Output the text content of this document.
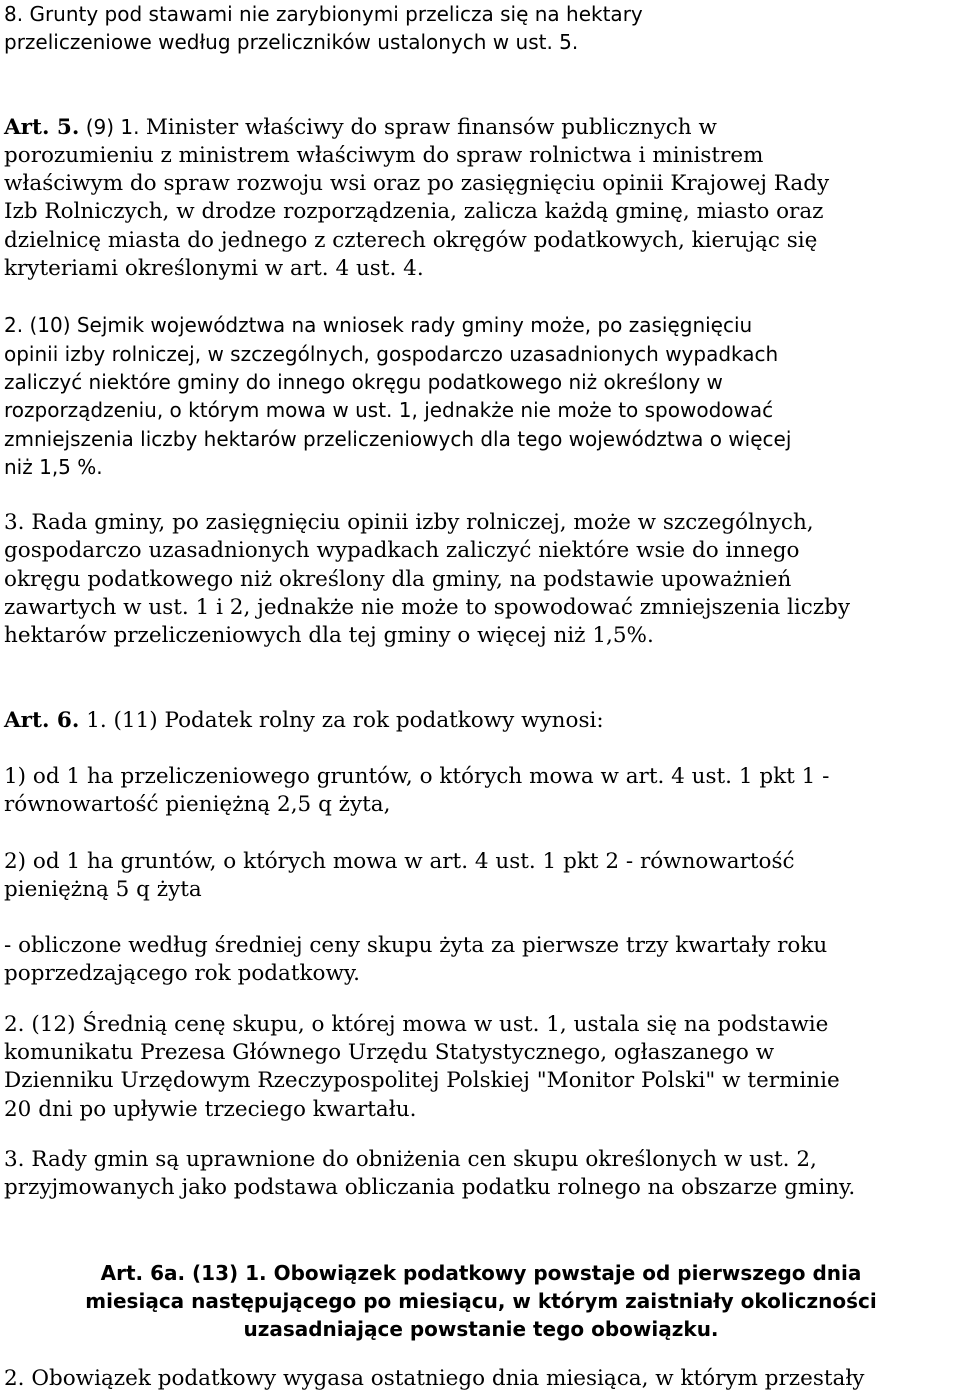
8. Grunty pod stawami nie zarybionymi przelicza się na hektary
przeliczeniowe według przeliczników ustalonych w ust. 5.

Art. 5. (9) 1. Minister właściwy do spraw finansów publicznych w
porozumieniu z ministrem właściwym do spraw rolnictwa i ministrem
właściwym do spraw rozwoju wsi oraz po zasięgnięciu opinii Krajowej Rady
Izb Rolniczych, w drodze rozporządzenia, zalicza każdą gminę, miasto oraz
dzielnicę miasta do jednego z czterech okręgów podatkowych, kierując się
kryteriami określonymi w art. 4 ust. 4.

2. (10) Sejmik województwa na wniosek rady gminy może, po zasięgnięciu
opinii izby rolniczej, w szczególnych, gospodarczo uzasadnionych wypadkach
zaliczyć niektóre gminy do innego okręgu podatkowego niż określony w
rozporządzeniu, o którym mowa w ust. 1, jednakże nie może to spowodować
zmniejszenia liczby hektarów przeliczeniowych dla tego województwa o więcej
niż 1,5 %.

3. Rada gminy, po zasięgnięciu opinii izby rolniczej, może w szczególnych,
gospodarczo uzasadnionych wypadkach zaliczyć niektóre wsie do innego
okręgu podatkowego niż określony dla gminy, na podstawie upoważnień
zawartych w ust. 1 i 2, jednakże nie może to spowodować zmniejszenia liczby
hektarów przeliczeniowych dla tej gminy o więcej niż 1,5%.

Art. 6. 1. (11) Podatek rolny za rok podatkowy wynosi:

1) od 1 ha przeliczeniowego gruntów, o których mowa w art. 4 ust. 1 pkt 1 -
równowartość pieniężną 2,5 q żyta,

2) od 1 ha gruntów, o których mowa w art. 4 ust. 1 pkt 2 - równowartość
pieniężną 5 q żyta

- obliczone według średniej ceny skupu żyta za pierwsze trzy kwartały roku
poprzedzającego rok podatkowy.

2. (12) Średnią cenę skupu, o której mowa w ust. 1, ustala się na podstawie
komunikatu Prezesa Głównego Urzędu Statystycznego, ogłaszanego w
Dzienniku Urzędowym Rzeczypospolitej Polskiej "Monitor Polski" w terminie
20 dni po upływie trzeciego kwartału.

3. Rady gmin są uprawnione do obniżenia cen skupu określonych w ust. 2,
przyjmowanych jako podstawa obliczania podatku rolnego na obszarze gminy.

Art. 6a. (13) 1. Obowiązek podatkowy powstaje od pierwszego dnia
miesiąca następującego po miesiącu, w którym zaistniały okoliczności
uzasadniające powstanie tego obowiązku.

2. Obowiązek podatkowy wygasa ostatniego dnia miesiąca, w którym przestały
